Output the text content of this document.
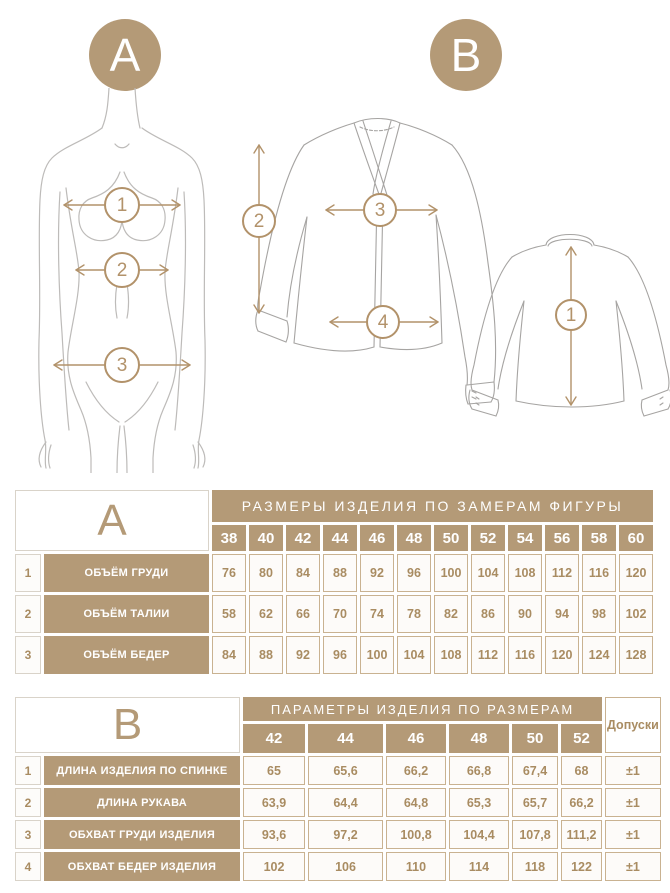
A	B
1
2
3
2
3
4	1
A		РАЗМЕРЫ ИЗДЕЛИЯ ПО ЗАМЕРАМ ФИГУРЫ											
		38	40	42	44	46	48	50	52	54	56	58	60
1	ОБЪЁМ ГРУДИ	76	80	84	88	92	96	100	104	108	112	116	120
2	ОБЪЁМ ТАЛИИ	58	62	66	70	74	78	82	86	90	94	98	102
3	ОБЪЁМ БЕДЕР	84	88	92	96	100	104	108	112	116	120	124	128
B		ПАРАМЕТРЫ ИЗДЕЛИЯ ПО РАЗМЕРАМ						Допуски
		42	44	46	48	50	52	
1	ДЛИНА ИЗДЕЛИЯ ПО СПИНКЕ	65	65,6	66,2	66,8	67,4	68	±1
2	ДЛИНА РУКАВА	63,9	64,4	64,8	65,3	65,7	66,2	±1
3	ОБХВАТ ГРУДИ ИЗДЕЛИЯ	93,6	97,2	100,8	104,4	107,8	111,2	±1
4	ОБХВАТ БЕДЕР ИЗДЕЛИЯ	102	106	110	114	118	122	±1
